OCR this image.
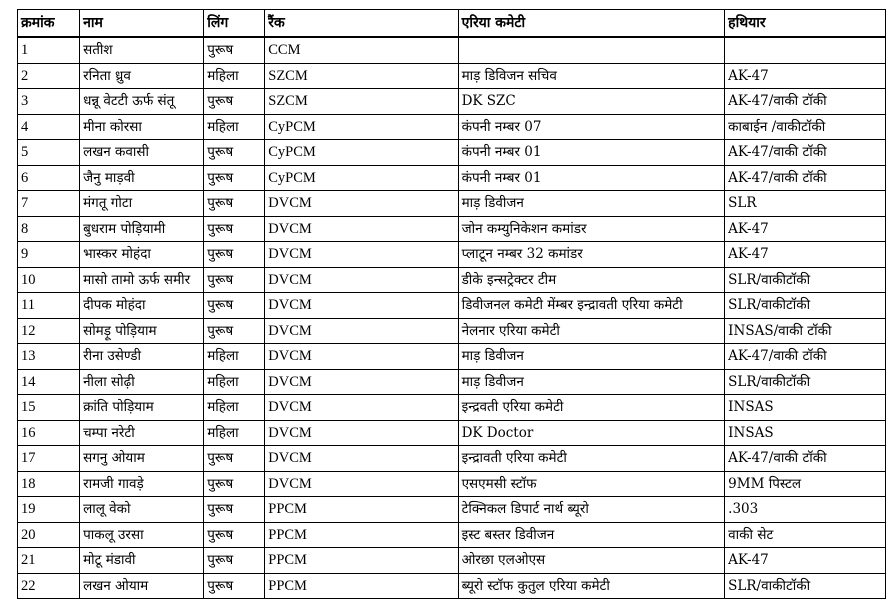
क्रमांक	नाम	लिंग	रैंक	एरिया कमेटी	हथियार
1	सतीश	पुरूष	CCM		
2	रनिता ध्रुव	महिला	SZCM	माड़ डिविजन सचिव	AK-47
3	धन्नू वेटटी ऊर्फ संतू	पुरूष	SZCM	DK SZC	AK-47/वाकी टॉकी
4	मीना कोरसा	महिला	CyPCM	कंपनी नम्बर 07	काबाईन /वाकीटॉकी
5	लखन कवासी	पुरूष	CyPCM	कंपनी नम्बर 01	AK-47/वाकी टॉकी
6	जैनु माड़वी	पुरूष	CyPCM	कंपनी नम्बर 01	AK-47/वाकी टॉकी
7	मंगतू गोटा	पुरूष	DVCM	माड़ डिवीजन	SLR
8	बुधराम पोड़ियामी	पुरूष	DVCM	जोन कम्युनिकेशन कमांडर	AK-47
9	भास्कर मोहंदा	पुरूष	DVCM	प्लाटून नम्बर 32 कमांडर	AK-47
10	मासो तामो ऊर्फ समीर	पुरूष	DVCM	डीके इन्सट्रेक्टर टीम	SLR/वाकीटॉकी
11	दीपक मोहंदा	पुरूष	DVCM	डिवीजनल कमेटी मेंम्बर इन्द्रावती एरिया कमेटी	SLR/वाकीटॉकी
12	सोमड़ू पोड़ियाम	पुरूष	DVCM	नेलनार एरिया कमेटी	INSAS/वाकी टॉकी
13	रीना उसेण्डी	महिला	DVCM	माड़ डिवीजन	AK-47/वाकी टॉकी
14	नीला सोढ़ी	महिला	DVCM	माड़ डिवीजन	SLR/वाकीटॉकी
15	क्रांति पोड़ियाम	महिला	DVCM	इन्द्रवती एरिया कमेटी	INSAS
16	चम्पा नरेटी	महिला	DVCM	DK Doctor	INSAS
17	सगनु ओयाम	पुरूष	DVCM	इन्द्रावती एरिया कमेटी	AK-47/वाकी टॉकी
18	रामजी गावड़े	पुरूष	DVCM	एसएमसी स्टॉफ	9MM पिस्टल
19	लालू वेको	पुरूष	PPCM	टेक्निकल डिपार्ट नार्थ ब्यूरो	.303
20	पाकलू उरसा	पुरूष	PPCM	इस्ट बस्तर डिवीजन	वाकी सेट
21	मोटू मंडावी	पुरूष	PPCM	ओरछा एलओएस	AK-47
22	लखन ओयाम	पुरूष	PPCM	ब्यूरो स्टॉफ कुतुल एरिया कमेटी	SLR/वाकीटॉकी
